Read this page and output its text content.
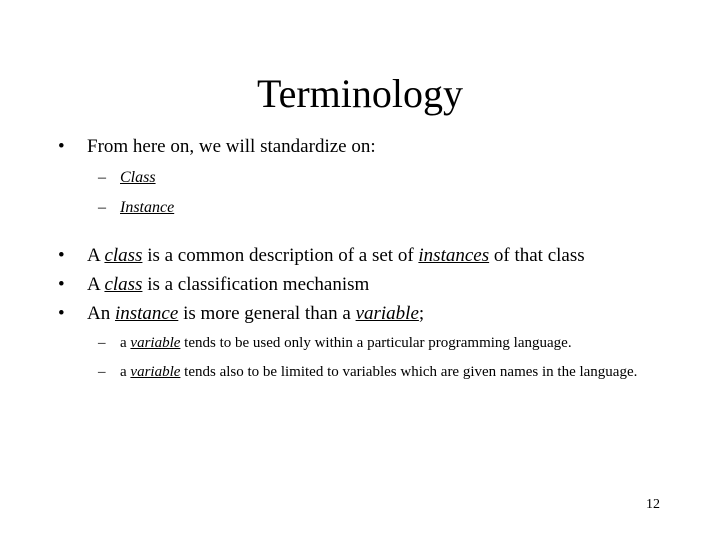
Terminology
• From here on, we will standardize on:
– Class
– Instance
• A class is a common description of a set of instances of that class
• A class is a classification mechanism
• An instance is more general than a variable;
– a variable tends to be used only within a particular programming language.
– a variable tends also to be limited to variables which are given names in the language.
12
